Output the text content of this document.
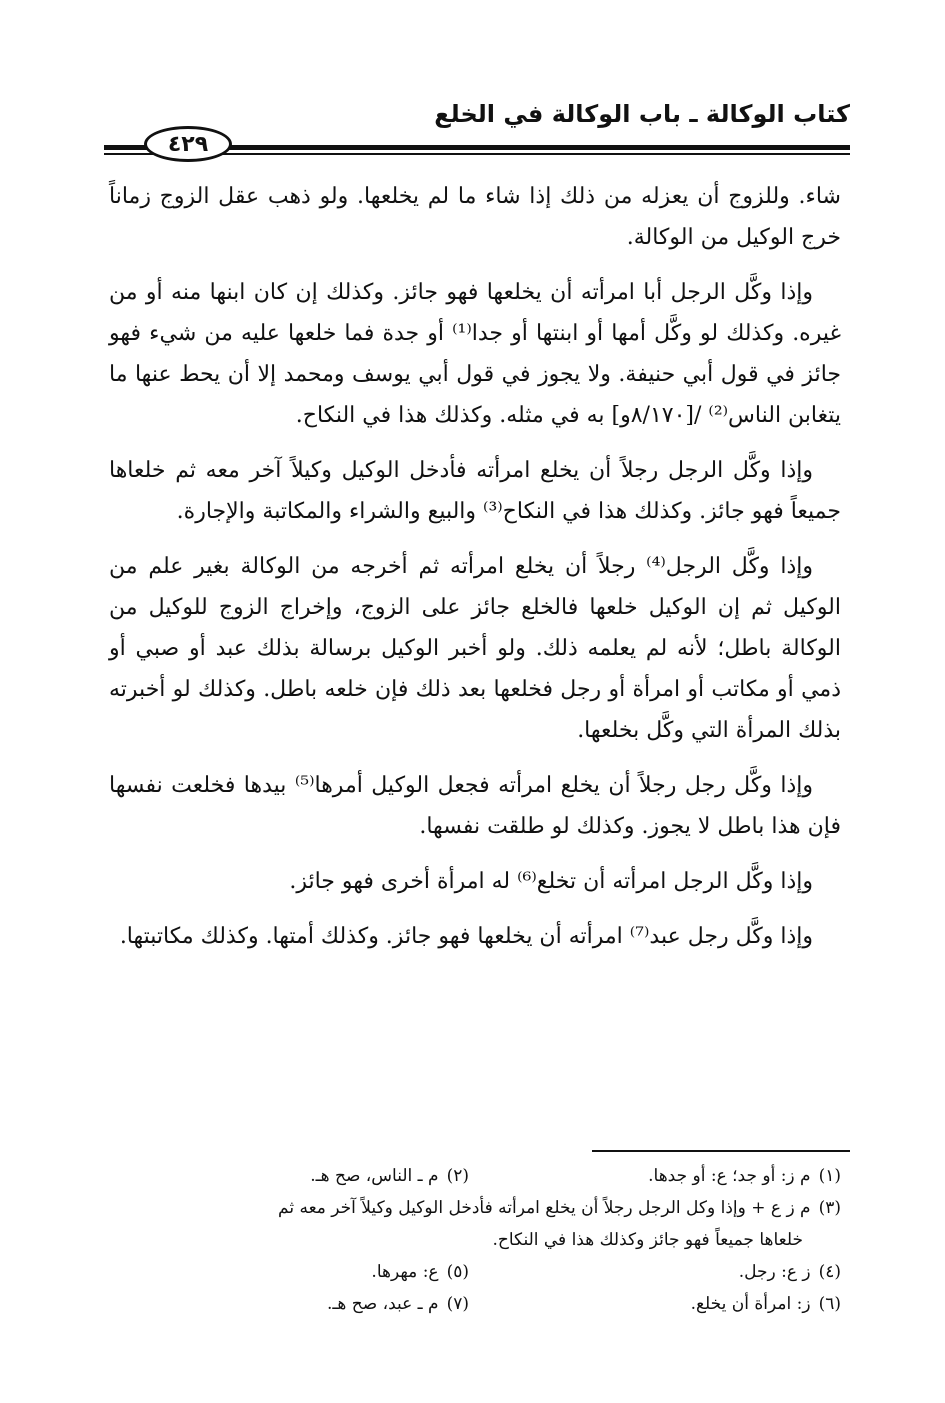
كتاب الوكالة ـ باب الوكالة في الخلع
٤٢٩

شاء. وللزوج أن يعزله من ذلك إذا شاء ما لم يخلعها. ولو ذهب عقل الزوج زماناً خرج الوكيل من الوكالة.

وإذا وكَّل الرجل أبا امرأته أن يخلعها فهو جائز. وكذلك إن كان ابنها منه أو من غيره. وكذلك لو وكَّل أمها أو ابنتها أو جدا⁽¹⁾ أو جدة فما خلعها عليه من شيء فهو جائز في قول أبي حنيفة. ولا يجوز في قول أبي يوسف ومحمد إلا أن يحط عنها ما يتغابن الناس⁽²⁾ /[٨/١٧٠و] به في مثله. وكذلك هذا في النكاح.

وإذا وكَّل الرجل رجلاً أن يخلع امرأته فأدخل الوكيل وكيلاً آخر معه ثم خلعاها جميعاً فهو جائز. وكذلك هذا في النكاح⁽³⁾ والبيع والشراء والمكاتبة والإجارة.

وإذا وكَّل الرجل⁽⁴⁾ رجلاً أن يخلع امرأته ثم أخرجه من الوكالة بغير علم من الوكيل ثم إن الوكيل خلعها فالخلع جائز على الزوج، وإخراج الزوج للوكيل من الوكالة باطل؛ لأنه لم يعلمه ذلك. ولو أخبر الوكيل برسالة بذلك عبد أو صبي أو ذمي أو مكاتب أو امرأة أو رجل فخلعها بعد ذلك فإن خلعه باطل. وكذلك لو أخبرته بذلك المرأة التي وكَّل بخلعها.

وإذا وكَّل رجل رجلاً أن يخلع امرأته فجعل الوكيل أمرها⁽⁵⁾ بيدها فخلعت نفسها فإن هذا باطل لا يجوز. وكذلك لو طلقت نفسها.

وإذا وكَّل الرجل امرأته أن تخلع⁽⁶⁾ له امرأة أخرى فهو جائز.

وإذا وكَّل رجل عبد⁽⁷⁾ امرأته أن يخلعها فهو جائز. وكذلك أمتها. وكذلك مكاتبتها.

(١)م ز: أو جد؛ ع: أو جدها.
(٢)م ـ الناس، صح هـ.
(٣)م ز ع + وإذا وكل الرجل رجلاً أن يخلع امرأته فأدخل الوكيل وكيلاً آخر معه ثم
خلعاها جميعاً فهو جائز وكذلك هذا في النكاح.
(٤)ز ع: رجل.
(٥)ع: مهرها.
(٦)ز: امرأة أن يخلع.
(٧)م ـ عبد، صح هـ.
